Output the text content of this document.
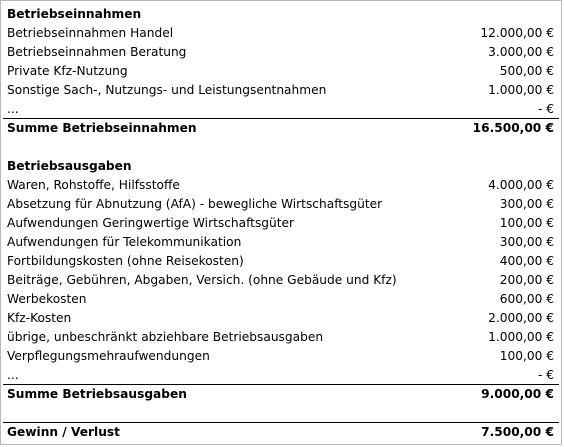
Betriebseinnahmen
Betriebseinnahmen Handel	12.000,00 €
Betriebseinnahmen Beratung	3.000,00 €
Private Kfz-Nutzung	500,00 €
Sonstige Sach-, Nutzungs- und Leistungsentnahmen	1.000,00 €
...	- €
Summe Betriebseinnahmen	16.500,00 €
Betriebsausgaben
Waren, Rohstoffe, Hilfsstoffe	4.000,00 €
Absetzung für Abnutzung (AfA) - bewegliche Wirtschaftsgüter	300,00 €
Aufwendungen Geringwertige Wirtschaftsgüter	100,00 €
Aufwendungen für Telekommunikation	300,00 €
Fortbildungskosten (ohne Reisekosten)	400,00 €
Beiträge, Gebühren, Abgaben, Versich. (ohne Gebäude und Kfz)	200,00 €
Werbekosten	600,00 €
Kfz-Kosten	2.000,00 €
übrige, unbeschränkt abziehbare Betriebsausgaben	1.000,00 €
Verpflegungsmehraufwendungen	100,00 €
...	- €
Summe Betriebsausgaben	9.000,00 €
Gewinn / Verlust	7.500,00 €
